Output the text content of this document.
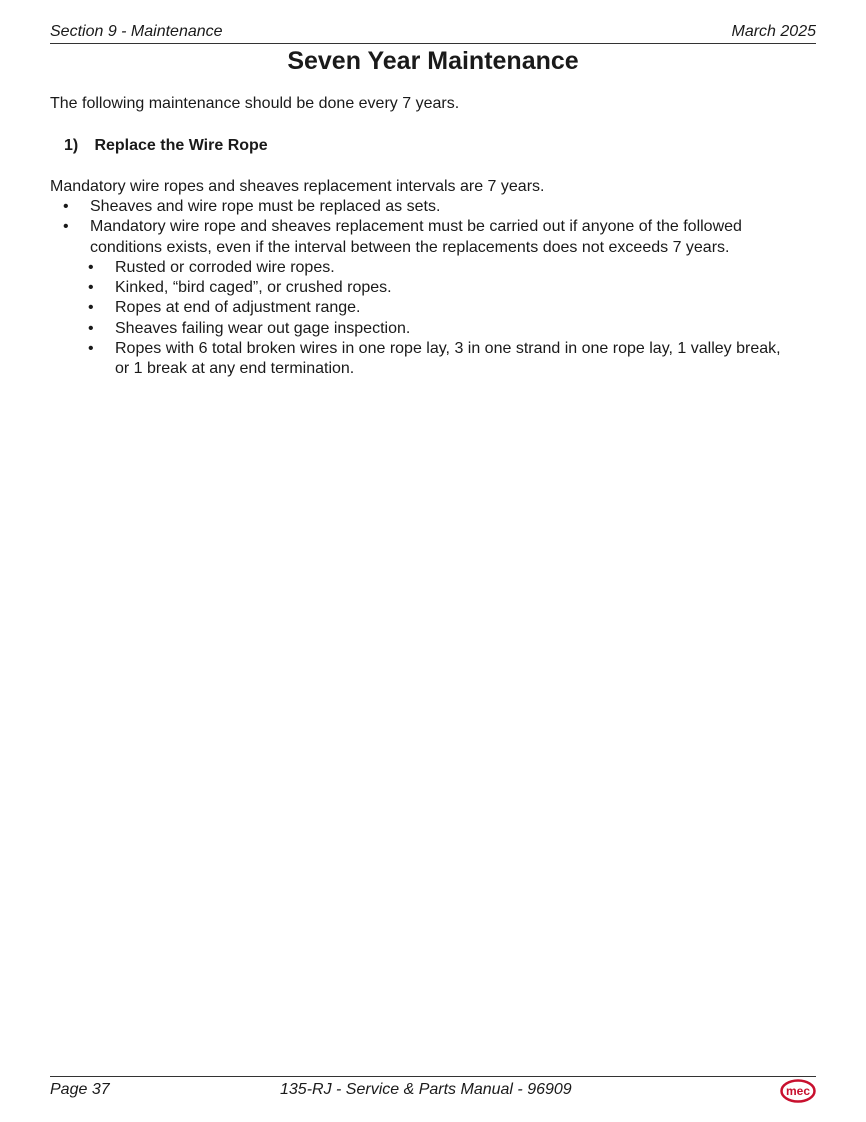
Section 9 - Maintenance	March 2025
Seven Year Maintenance
The following maintenance should be done every 7 years.
1) Replace the Wire Rope
Mandatory wire ropes and sheaves replacement intervals are 7 years.
• Sheaves and wire rope must be replaced as sets.
• Mandatory wire rope and sheaves replacement must be carried out if anyone of the followed conditions exists, even if the interval between the replacements does not exceeds 7 years.
• Rusted or corroded wire ropes.
• Kinked, “bird caged”, or crushed ropes.
• Ropes at end of adjustment range.
• Sheaves failing wear out gage inspection.
• Ropes with 6 total broken wires in one rope lay, 3 in one strand in one rope lay, 1 valley break, or 1 break at any end termination.
Page 37	135-RJ - Service & Parts Manual - 96909	mec
